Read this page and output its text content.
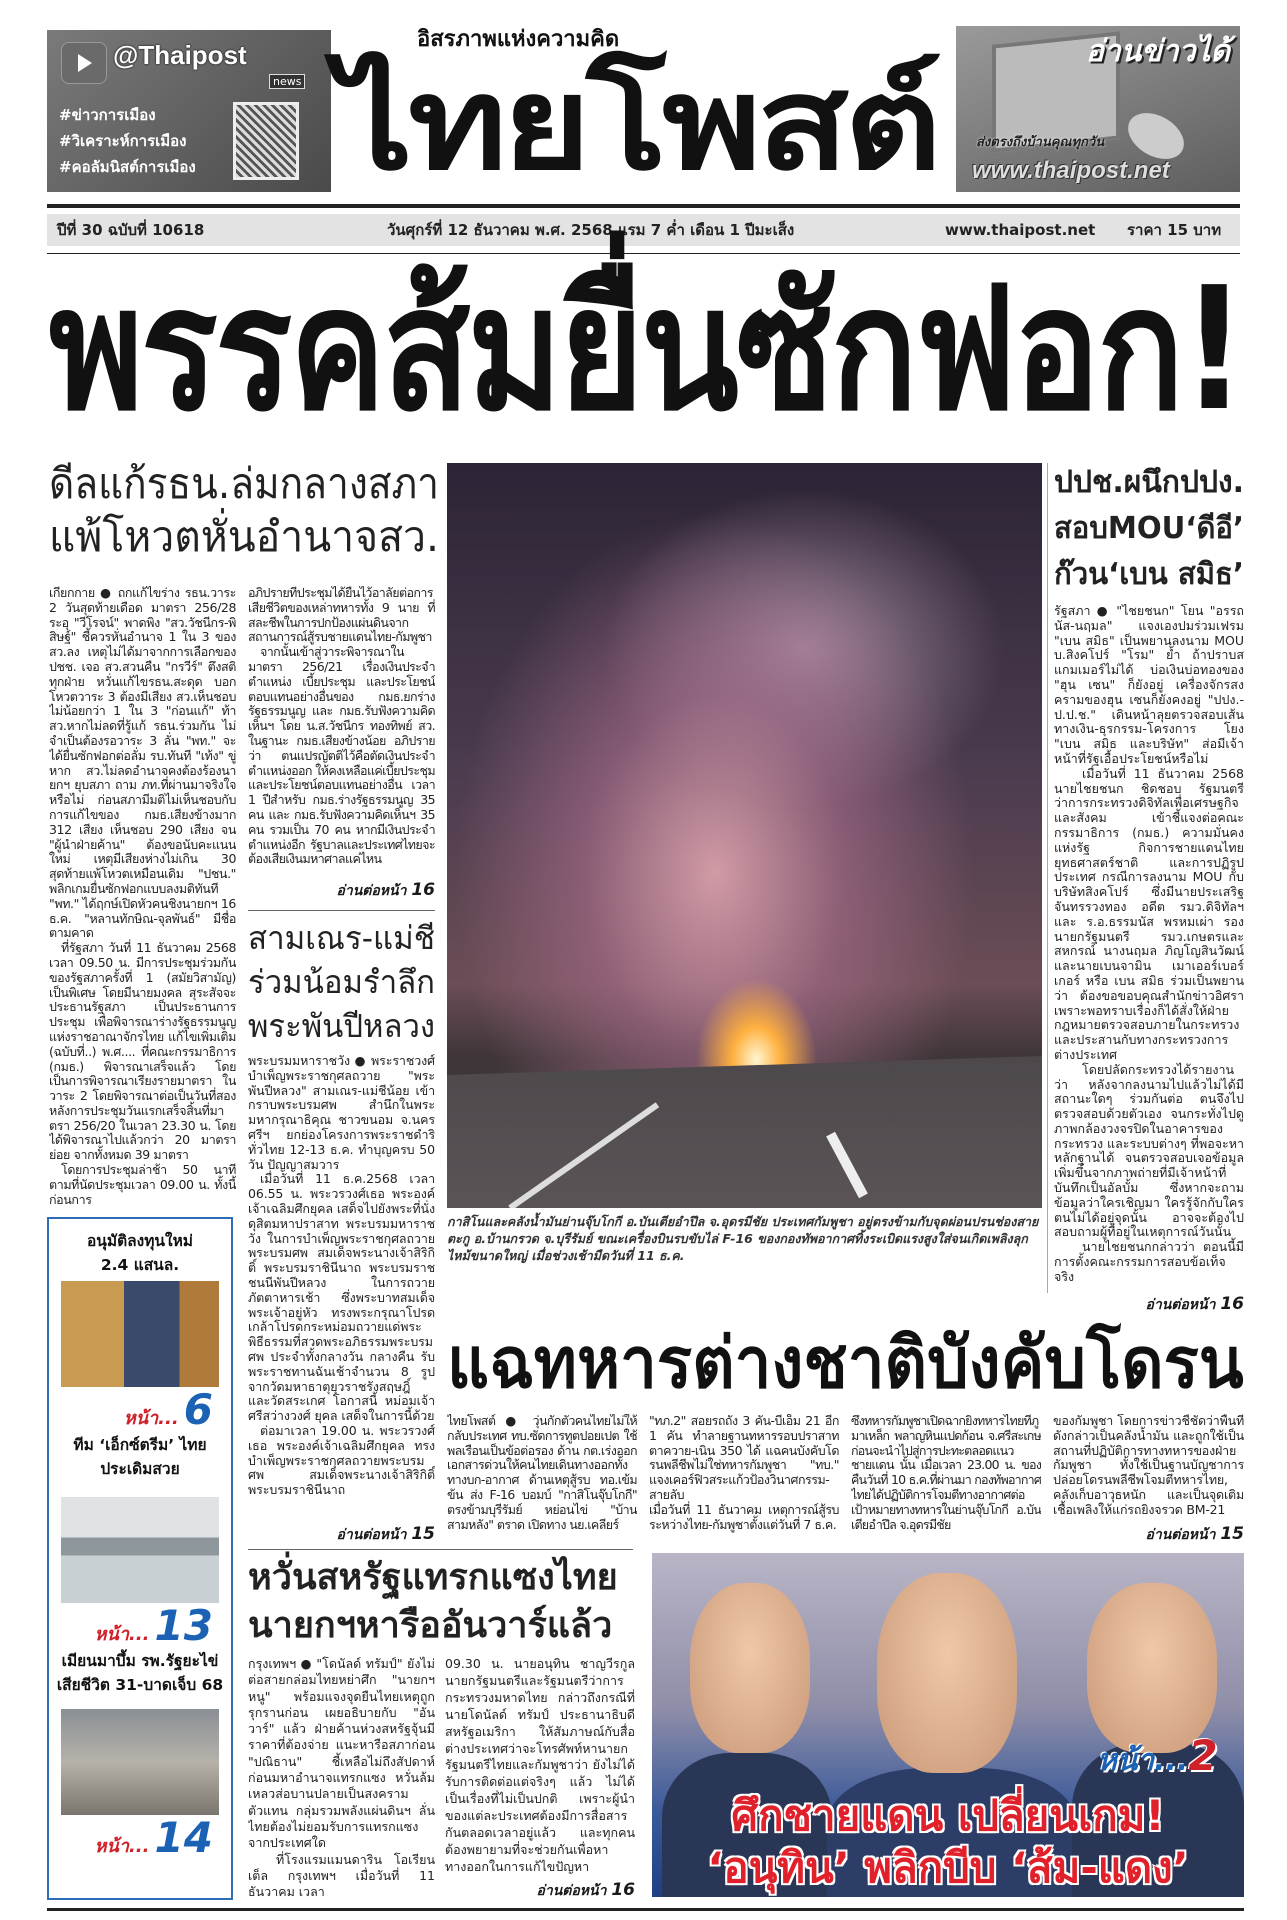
@Thaipost
news
#ข่าวการเมือง
#วิเคราะห์การเมือง
#คอลัมนิสต์การเมือง
อิสรภาพแห่งความคิด
ไทยโพสต์	อ่านข่าวได้
ส่งตรงถึงบ้านคุณทุกวัน
www.thaipost.net
ปีที่ 30 ฉบับที่ 10618	วันศุกร์ที่ 12 ธันวาคม พ.ศ. 2568 แรม 7 ค่ำ เดือน 1 ปีมะเส็ง	www.thaipost.net ราคา 15 บาท
พรรคส้มยื่นซักฟอก!
ดีลแก้รธน.ล่มกลางสภา
แพ้โหวตหั่นอำนาจสว.

เกียกกาย ● ถกแก้ไขร่าง รธน.วาระ 2 วันสุดท้ายเดือด มาตรา 256/28 ระอุ "วีโรจน์" พาดพิง "สว.วัชนีกร-พิสิษฐ์" ชี้ควรหั่นอำนาจ 1 ใน 3 ของ สว.ลง เหตุไม่ได้มาจากการเลือกของ ปชช. เจอ สว.สวนคืน "กรวีร์" ตึงสติทุกฝ่าย หวั่นแก้ไขรธน.สะดุด บอกโหวตวาระ 3 ต้องมีเสียง สว.เห็นชอบไม่น้อยกว่า 1 ใน 3 "ก่อนแก้" ท้า สว.หากไม่ลดที่รู้แก้ รธน.ร่วมกัน ไม่จำเป็นต้องรอวาระ 3 ลั่น "พท." จะได้ยื่นซักฟอกต่อลั่ม รบ.ทันที "เท้ง" ขู่หาก สว.ไม่ลดอำนาจคงต้องร้องนายกฯ ยุบสภา ถาม ภท.ที่ผ่านมาจริงใจหรือไม่ ก่อนสภามีมติไม่เห็นชอบกับการแก้ไขของ กมธ.เสียงข้างมาก 312 เสียง เห็นชอบ 290 เสียง จน "ผู้นำฝ่ายค้าน" ต้องขอนับคะแนนใหม่ เหตุมีเสียงห่างไม่เกิน 30 สุดท้ายแพ้โหวตเหมือนเดิม "ปชน." พลิกเกมยื่นซักฟอกแบบลงมติทันที "พท." ได้ฤกษ์เปิดหัวคนชิงนายกฯ 16 ธ.ค. "หลานทักษิณ-จุลพันธ์" มีชื่อตามคาด

ที่รัฐสภา วันที่ 11 ธันวาคม 2568 เวลา 09.50 น. มีการประชุมร่วมกันของรัฐสภาครั้งที่ 1 (สมัยวิสามัญ) เป็นพิเศษ โดยมีนายมงคล สุระสัจจะ ประธานรัฐสภา เป็นประธานการประชุม เพื่อพิจารณาร่างรัฐธรรมนูญแห่งราชอาณาจักรไทย แก้ไขเพิ่มเติม (ฉบับที่..) พ.ศ.... ที่คณะกรรมาธิการ (กมธ.) พิจารณาเสร็จแล้ว โดยเป็นการพิจารณาเรียงรายมาตรา ในวาระ 2 โดยพิจารณาต่อเป็นวันที่สอง หลังการประชุมวันแรกเสร็จสิ้นที่มาตรา 256/20 ในเวลา 23.30 น. โดยได้พิจารณาไปแล้วกว่า 20 มาตราย่อย จากทั้งหมด 39 มาตรา

โดยการประชุมล่าช้า 50 นาที ตามที่นัดประชุมเวลา 09.00 น. ทั้งนี้ ก่อนการ

อภิปรายที่ประชุมได้ยืนไว้อาลัยต่อการเสียชีวิตของเหล่าทหารทั้ง 9 นาย ที่สละชีพในการปกป้องแผ่นดินจากสถานการณ์สู้รบชายแดนไทย-กัมพูชา

จากนั้นเข้าสู่วาระพิจารณาในมาตรา 256/21 เรื่องเงินประจำตำแหน่ง เบี้ยประชุม และประโยชน์ตอบแทนอย่างอื่นของ กมธ.ยกร่างรัฐธรรมนูญ และ กมธ.รับฟังความคิดเห็นฯ โดย น.ส.วัชนีกร ทองทิพย์ สว. ในฐานะ กมธ.เสียงข้างน้อย อภิปรายว่า ตนแปรญัตติไว้คือตัดเงินประจำตำแหน่งออก ให้คงเหลือแค่เบี้ยประชุมและประโยชน์ตอบแทนอย่างอื่น เวลา 1 ปีสำหรับ กมธ.ร่างรัฐธรรมนูญ 35 คน และ กมธ.รับฟังความคิดเห็นฯ 35 คน รวมเป็น 70 คน หากมีเงินประจำตำแหน่งอีก รัฐบาลและประเทศไทยจะต้องเสียเงินมหาศาลแค่ไหน

อ่านต่อหน้า 16
สามเณร-แม่ชี
ร่วมน้อมรำลึก
พระพันปีหลวง

พระบรมมหาราชวัง ● พระราชวงศ์บำเพ็ญพระราชกุศลถวาย "พระพันปีหลวง" สามเณร-แม่ชีน้อย เข้ากราบพระบรมศพ สำนึกในพระมหากรุณาธิคุณ ชาวขนอม จ.นครศรีฯ ยกย่องโครงการพระราชดำริทั่วไทย 12-13 ธ.ค. ทำบุญครบ 50 วัน ปัญญาสมวาร

เมื่อวันที่ 11 ธ.ค.2568 เวลา 06.55 น. พระวรวงศ์เธอ พระองค์เจ้าเฉลิมศึกยุคล เสด็จไปยังพระที่นั่งดุสิตมหาปราสาท พระบรมมหาราชวัง ในการบำเพ็ญพระราชกุศลถวายพระบรมศพ สมเด็จพระนางเจ้าสิริกิติ์ พระบรมราชินีนาถ พระบรมราชชนนีพันปีหลวง ในการถวายภัตตาหารเช้า ซึ่งพระบาทสมเด็จพระเจ้าอยู่หัว ทรงพระกรุณาโปรดเกล้าโปรดกระหม่อมถวายแด่พระพิธีธรรมที่สวดพระอภิธรรมพระบรมศพ ประจำทั้งกลางวัน กลางคืน รับพระราชทานฉันเช้าจำนวน 8 รูป จากวัดมหาธาตุยุวราชรังสฤษฎิ์ และวัดสระเกศ โอกาสนี้ หม่อมเจ้าศรีสว่างวงศ์ ยุคล เสด็จในการนี้ด้วย

ต่อมาเวลา 19.00 น. พระวรวงศ์เธอ พระองค์เจ้าเฉลิมศึกยุคล ทรงบำเพ็ญพระราชกุศลถวายพระบรมศพ สมเด็จพระนางเจ้าสิริกิติ์ พระบรมราชินีนาถ

อ่านต่อหน้า 15
กาสิโนและคลังน้ำมันย่านจุ๊บโกกี อ.บันเตียอำปึล จ.อุดรมีชัย ประเทศกัมพูชา อยู่ตรงข้ามกับจุดผ่อนปรนช่องสายตะกู อ.บ้านกรวด จ.บุรีรัมย์ ขณะเครื่องบินรบขับไล่ F-16 ของกองทัพอากาศทิ้งระเบิดแรงสูงใส่จนเกิดเพลิงลุกไหม้ขนาดใหญ่ เมื่อช่วงเช้ามืดวันที่ 11 ธ.ค.
ปปช.ผนึกปปง.
สอบMOU‘ดีอี’
ก๊วน‘เบน สมิธ’

รัฐสภา ● "ไชยชนก" โยน "อรรถนัส-นฤมล" แจงเองปมร่วมเฟรม "เบน สมิธ" เป็นพยานลงนาม MOU บ.สิงคโปร์ "โรม" ย้ำ ถ้าปราบสแกมเมอร์ไม่ได้ บ่อเงินบ่อทองของ "ฮุน เซน" ก็ยังอยู่ เครื่องจักรสงครามของฮุน เซนก็ยังคงอยู่ "ปปง.-ป.ป.ช." เดินหน้าลุยตรวจสอบเส้นทางเงิน-ธุรกรรม-โครงการ โยง "เบน สมิธ และบริษัท" ส่อมีเจ้าหน้าที่รัฐเอื้อประโยชน์หรือไม่

เมื่อวันที่ 11 ธันวาคม 2568 นายไชยชนก ชิดชอบ รัฐมนตรีว่าการกระทรวงดิจิทัลเพื่อเศรษฐกิจและสังคม เข้าชี้แจงต่อคณะกรรมาธิการ (กมธ.) ความมั่นคงแห่งรัฐ กิจการชายแดนไทย ยุทธศาสตร์ชาติ และการปฏิรูปประเทศ กรณีการลงนาม MOU กับบริษัทสิงคโปร์ ซึ่งมีนายประเสริฐ จันทรรวงทอง อดีต รมว.ดิจิทัลฯ และ ร.อ.ธรรมนัส พรหมเผ่า รองนายกรัฐมนตรี รมว.เกษตรและสหกรณ์ นางนฤมล ภิญโญสินวัฒน์ และนายเบนจามิน เมาเออร์เบอร์เกอร์ หรือ เบน สมิธ ร่วมเป็นพยานว่า ต้องขอขอบคุณสำนักข่าวอิศราเพราะพอทราบเรื่องก็ได้สั่งให้ฝ่ายกฎหมายตรวจสอบภายในกระทรวง และประสานกับทางกระทรวงการต่างประเทศ

โดยปลัดกระทรวงได้รายงานว่า หลังจากลงนามไปแล้วไม่ได้มีสถานะใดๆ ร่วมกันต่อ ตนจึงไปตรวจสอบด้วยตัวเอง จนกระทั่งไปดูภาพกล้องวงจรปิดในอาคารของกระทรวง และระบบต่างๆ ที่พอจะหาหลักฐานได้ จนตรวจสอบเจอข้อมูลเพิ่มขึ้นจากภาพถ่ายที่มีเจ้าหน้าที่บันทึกเป็นอัลบั้ม ซึ่งหากจะถามข้อมูลว่าใครเชิญมา ใครรู้จักกับใคร ตนไม่ได้อยู่จุดนั้น อาจจะต้องไปสอบถามผู้ที่อยู่ในเหตุการณ์วันนั้น

นายไชยชนกกล่าวว่า ตอนนี้มีการตั้งคณะกรรมการสอบข้อเท็จจริง

อ่านต่อหน้า 16
อนุมัติลงทุนใหม่
2.4 แสนล.
หน้า... 6
ทีม ‘เอ็กซ์ตรีม’ ไทย
ประเดิมสวย
หน้า... 13
เมียนมาบึ้ม รพ.รัฐยะไข่
เสียชีวิต 31-บาดเจ็บ 68
หน้า... 14
แฉทหารต่างชาติบังคับโดรน

ไทยโพสต์ ● วุ่นกักตัวคนไทยไม่ให้กลับประเทศ ทบ.ซัดการทูตปอยเปต ใช้พลเรือนเป็นข้อต่อรอง ด้าน กต.เร่งออกเอกสารด่วนให้คนไทยเดินทางออกทั้งทางบก-อากาศ ด้านเหตุสู้รบ ทอ.เข้มข้น ส่ง F-16 บอมบ์ "กาสิโนจุ๊บโกกี" ตรงข้ามบุรีรัมย์ หย่อนไข่ "บ้านสามหลัง" ตราด เปิดทาง นย.เคลียร์

"ทภ.2" สอยรถถัง 3 คัน-บีเอ็ม 21 อีก 1 คัน ทำลายฐานทหารรอบปราสาทตาควาย-เนิน 350 ได้ แฉคนบังคับโดรนพลีชีพไม่ใช่ทหารกัมพูชา "ทบ." แจงเคอร์ฟิวสระแก้วป้องวินาศกรรม-สายลับ
เมื่อวันที่ 11 ธันวาคม เหตุการณ์สู้รบระหว่างไทย-กัมพูชาตั้งแต่วันที่ 7 ธ.ค.

ซึ่งทหารกัมพูชาเปิดฉากยิงทหารไทยที่ภูมาเหล็ก พลาญหินแปดก้อน จ.ศรีสะเกษ ก่อนจะนำไปสู่การปะทะตลอดแนวชายแดน นั้น เมื่อเวลา 23.00 น. ของคืนวันที่ 10 ธ.ค.ที่ผ่านมา กองทัพอากาศไทยได้ปฏิบัติการโจมตีทางอากาศต่อเป้าหมายทางทหารในย่านจุ๊บโกกี อ.บันเตียอำปึล จ.อุดรมีชัย

ของกัมพูชา โดยการข่าวชี้ชัดว่าพื้นที่ดังกล่าวเป็นคลังน้ำมัน และถูกใช้เป็นสถานที่ปฏิบัติการทางทหารของฝ่ายกัมพูชา ทั้งใช้เป็นฐานบัญชาการปล่อยโดรนพลีชีพโจมตีทหารไทย, คลังเก็บอาวุธหนัก และเป็นจุดเติมเชื้อเพลิงให้แก่รถยิงจรวด BM-21

อ่านต่อหน้า 15
หวั่นสหรัฐแทรกแซงไทย
นายกฯหารืออันวาร์แล้ว

กรุงเทพฯ ● "โดนัลด์ ทรัมป์" ยังไม่ต่อสายกล่อมไทยหย่าศึก "นายกฯ หนู" พร้อมแจงจุดยืนไทยเหตุถูกรุกรานก่อน เผยอธิบายกับ "อันวาร์" แล้ว ฝ่ายค้านห่วงสหรัฐจุ้นมีราคาที่ต้องจ่าย แนะหารือสภาก่อน "ปณิธาน" ชี้เหลือไม่ถึงสัปดาห์ ก่อนมหาอำนาจแทรกแซง หวั่นล้มเหลวส่อบานปลายเป็นสงครามตัวแทน กลุ่มรวมพลังแผ่นดินฯ ลั่น ไทยต้องไม่ยอมรับการแทรกแซงจากประเทศใด

ที่โรงแรมแมนดาริน โอเรียนเต็ล กรุงเทพฯ เมื่อวันที่ 11 ธันวาคม เวลา

09.30 น. นายอนุทิน ชาญวีรกูล นายกรัฐมนตรีและรัฐมนตรีว่าการกระทรวงมหาดไทย กล่าวถึงกรณีที่นายโดนัลด์ ทรัมป์ ประธานาธิบดีสหรัฐอเมริกา ให้สัมภาษณ์กับสื่อต่างประเทศว่าจะโทรศัพท์หานายกรัฐมนตรีไทยและกัมพูชาว่า ยังไม่ได้รับการติดต่อแต่จริงๆ แล้ว ไม่ได้เป็นเรื่องที่ไม่เป็นปกติ เพราะผู้นำของแต่ละประเทศต้องมีการสื่อสารกันตลอดเวลาอยู่แล้ว และทุกคนต้องพยายามที่จะช่วยกันเพื่อหาทางออกในการแก้ไขปัญหา

อ่านต่อหน้า 16
หน้า...2
ศึกชายแดน เปลี่ยนเกม!
‘อนุทิน’ พลิกบีบ ‘ส้ม-แดง’
